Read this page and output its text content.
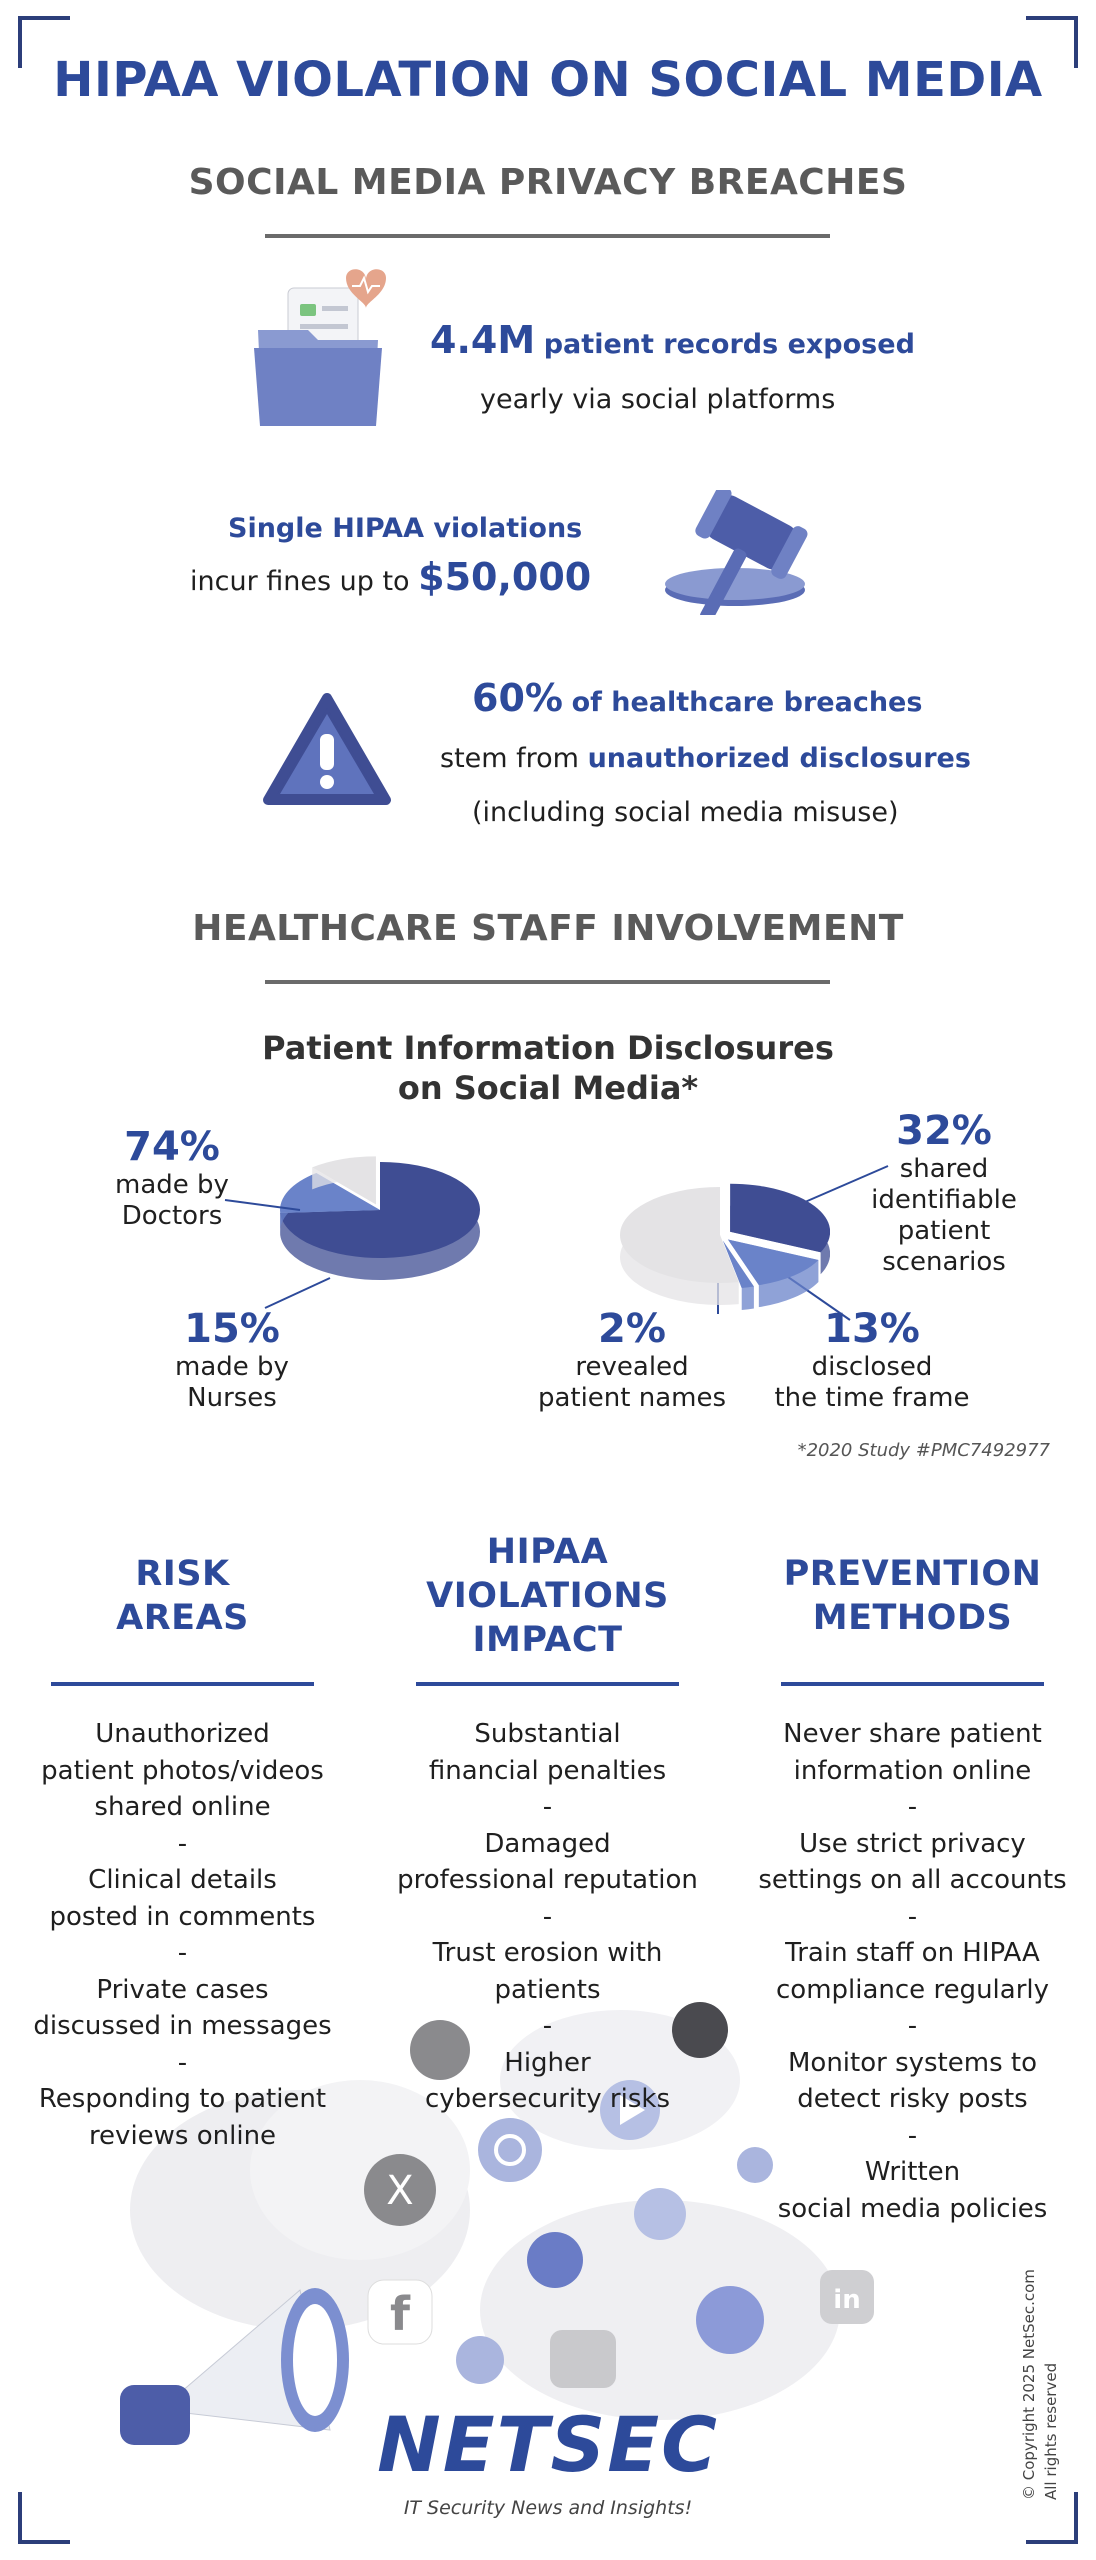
HIPAA VIOLATION ON SOCIAL MEDIA
SOCIAL MEDIA PRIVACY BREACHES
4.4M patient records exposed
yearly via social platforms
Single HIPAA violations
incur fines up to $50,000
60% of healthcare breaches
stem from unauthorized disclosures
(including social media misuse)
HEALTHCARE STAFF INVOLVEMENT
Patient Information Disclosures
on Social Media*
74%
made by
Doctors
15%
made by
Nurses
32%
shared
identifiable
patient
scenarios
2%
revealed
patient names
13%
disclosed
the time frame
*2020 Study #PMC7492977
X
f	in
RISK
AREAS
Unauthorized
patient photos/videos
shared online
-
Clinical details
posted in comments
-
Private cases
discussed in messages
-
Responding to patient
reviews online
HIPAA
VIOLATIONS
IMPACT
Substantial
financial penalties
-
Damaged
professional reputation
-
Trust erosion with
patients
-
Higher
cybersecurity risks
PREVENTION
METHODS
Never share patient
information online
-
Use strict privacy
settings on all accounts
-
Train staff on HIPAA
compliance regularly
-
Monitor systems to
detect risky posts
-
Written
social media policies
NETSEC
IT Security News and Insights!
© Copyright 2025 NetSec.com All rights reserved
